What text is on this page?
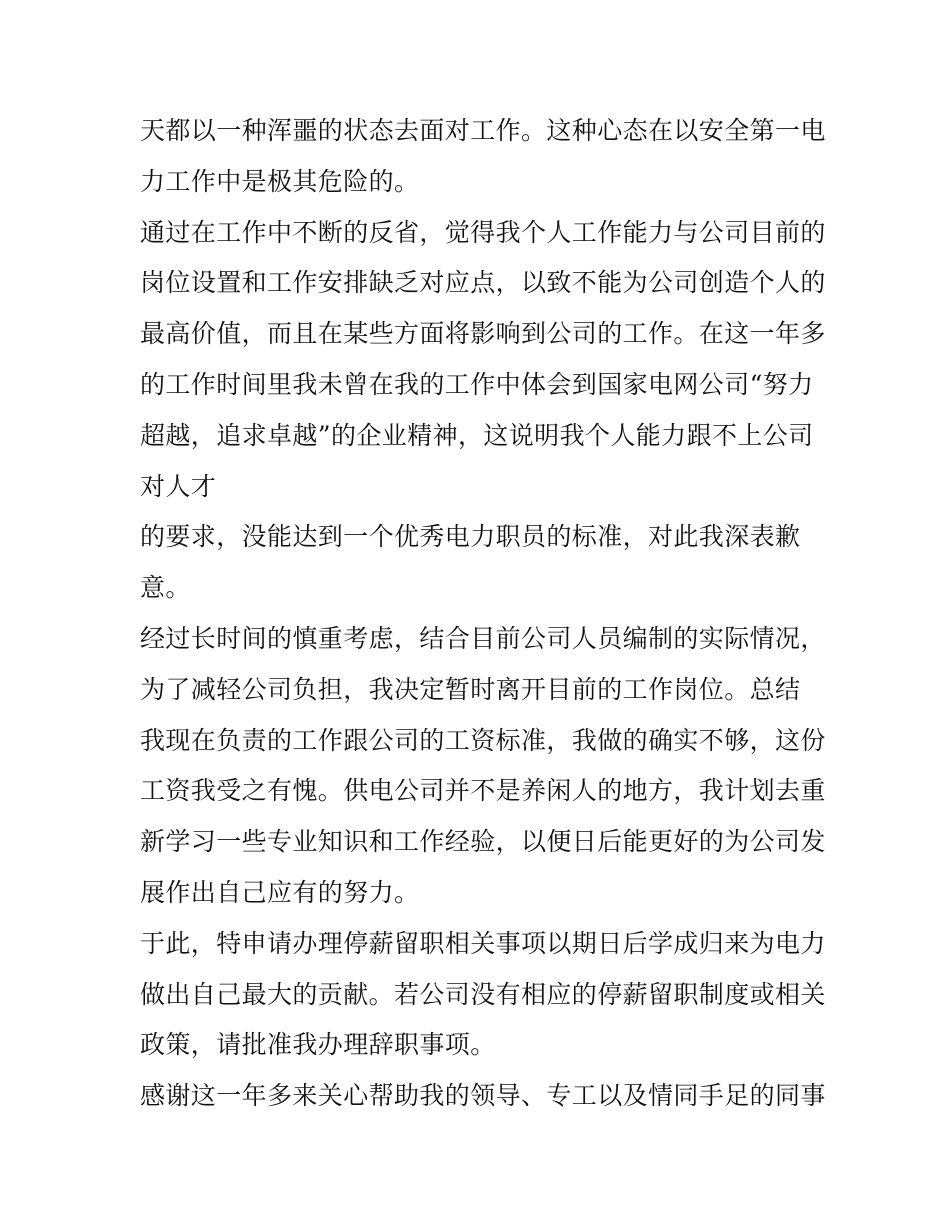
天都以一种浑噩的状态去面对工作。这种心态在以安全第一电
力工作中是极其危险的。
通过在工作中不断的反省，觉得我个人工作能力与公司目前的
岗位设置和工作安排缺乏对应点，以致不能为公司创造个人的
最高价值，而且在某些方面将影响到公司的工作。在这一年多
的工作时间里我未曾在我的工作中体会到国家电网公司“努力
超越，追求卓越”的企业精神，这说明我个人能力跟不上公司
对人才
的要求，没能达到一个优秀电力职员的标准，对此我深表歉
意。
经过长时间的慎重考虑，结合目前公司人员编制的实际情况，
为了减轻公司负担，我决定暂时离开目前的工作岗位。总结
我现在负责的工作跟公司的工资标准，我做的确实不够，这份
工资我受之有愧。供电公司并不是养闲人的地方，我计划去重
新学习一些专业知识和工作经验，以便日后能更好的为公司发
展作出自己应有的努力。
于此，特申请办理停薪留职相关事项以期日后学成归来为电力
做出自己最大的贡献。若公司没有相应的停薪留职制度或相关
政策，请批准我办理辞职事项。
感谢这一年多来关心帮助我的领导、专工以及情同手足的同事
